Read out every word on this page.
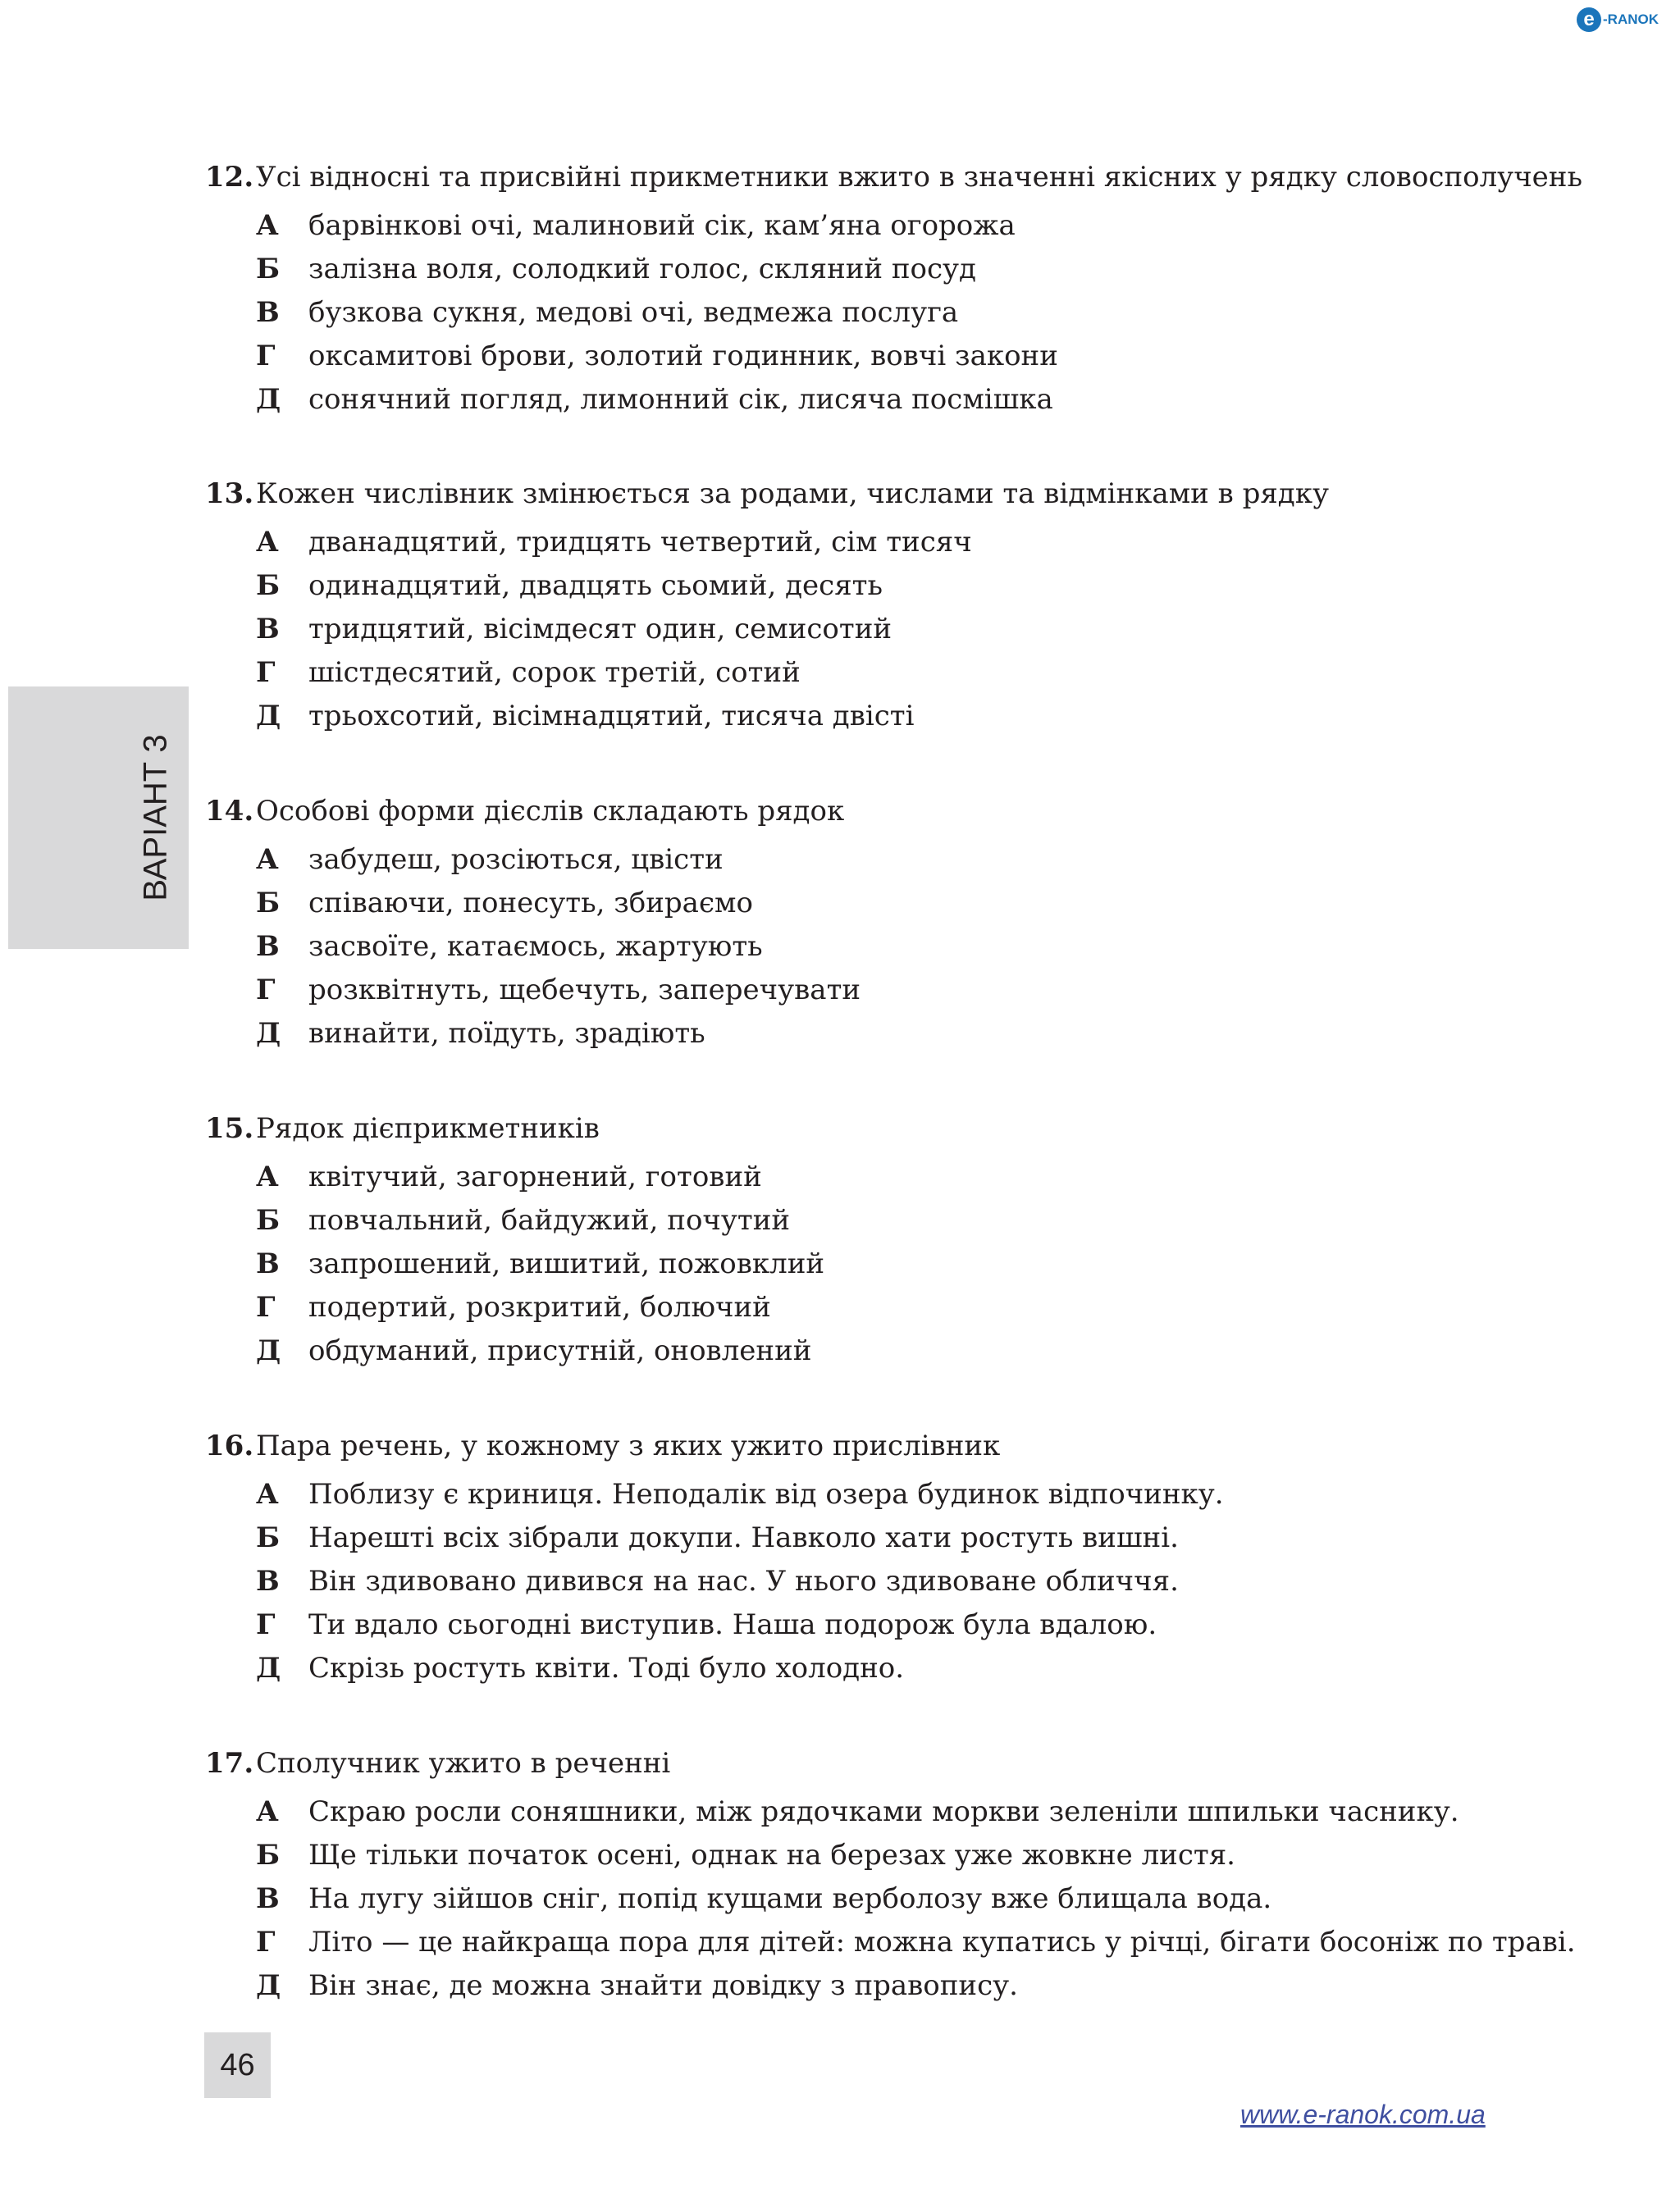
e -RANOK
ВАРІАНТ 3
12. Усі відносні та присвійні прикметники вжито в значенні якісних у рядку словосполучень
А	барвінкові очі, малиновий сік, кам’яна огорожа
Б	залізна воля, солодкий голос, скляний посуд
В	бузкова сукня, медові очі, ведмежа послуга
Г	оксамитові брови, золотий годинник, вовчі закони
Д сонячний погляд, лимонний сік, лисяча посмішка
13. Кожен числівник змінюється за родами, числами та відмінками в рядку
А	дванадцятий, тридцять четвертий, сім тисяч
Б	одинадцятий, двадцять сьомий, десять
В	тридцятий, вісімдесят один, семисотий
Г	шістдесятий, сорок третій, сотий
Д трьохсотий, вісімнадцятий, тисяча двісті
14. Особові форми дієслів складають рядок
А	забудеш, розсіються, цвісти
Б	співаючи, понесуть, збираємо
В	засвоїте, катаємось, жартують
Г	розквітнуть, щебечуть, заперечувати
Д винайти, поїдуть, зрадіють
15. Рядок дієприкметників
А	квітучий, загорнений, готовий
Б	повчальний, байдужий, почутий
В	запрошений, вишитий, пожовклий
Г	подертий, розкритий, болючий
Д обдуманий, присутній, оновлений
16. Пара речень, у кожному з яких ужито прислівник
А	Поблизу є криниця. Неподалік від озера будинок відпочинку.
Б	Нарешті всіх зібрали докупи. Навколо хати ростуть вишні.
В	Він здивовано дивився на нас. У нього здивоване обличчя.
Г	Ти вдало сьогодні виступив. Наша подорож була вдалою.
Д Скрізь ростуть квіти. Тоді було холодно.
17. Сполучник ужито в реченні
А	Скраю росли соняшники, між рядочками моркви зеленіли шпильки часнику.
Б	Ще тільки початок осені, однак на березах уже жовкне листя.
В	На лугу зійшов сніг, попід кущами верболозу вже блищала вода.
Г	Літо — це найкраща пора для дітей: можна купатись у річці, бігати босоніж по траві.
Д Він знає, де можна знайти довідку з правопису.
46
www.e-ranok.com.ua
